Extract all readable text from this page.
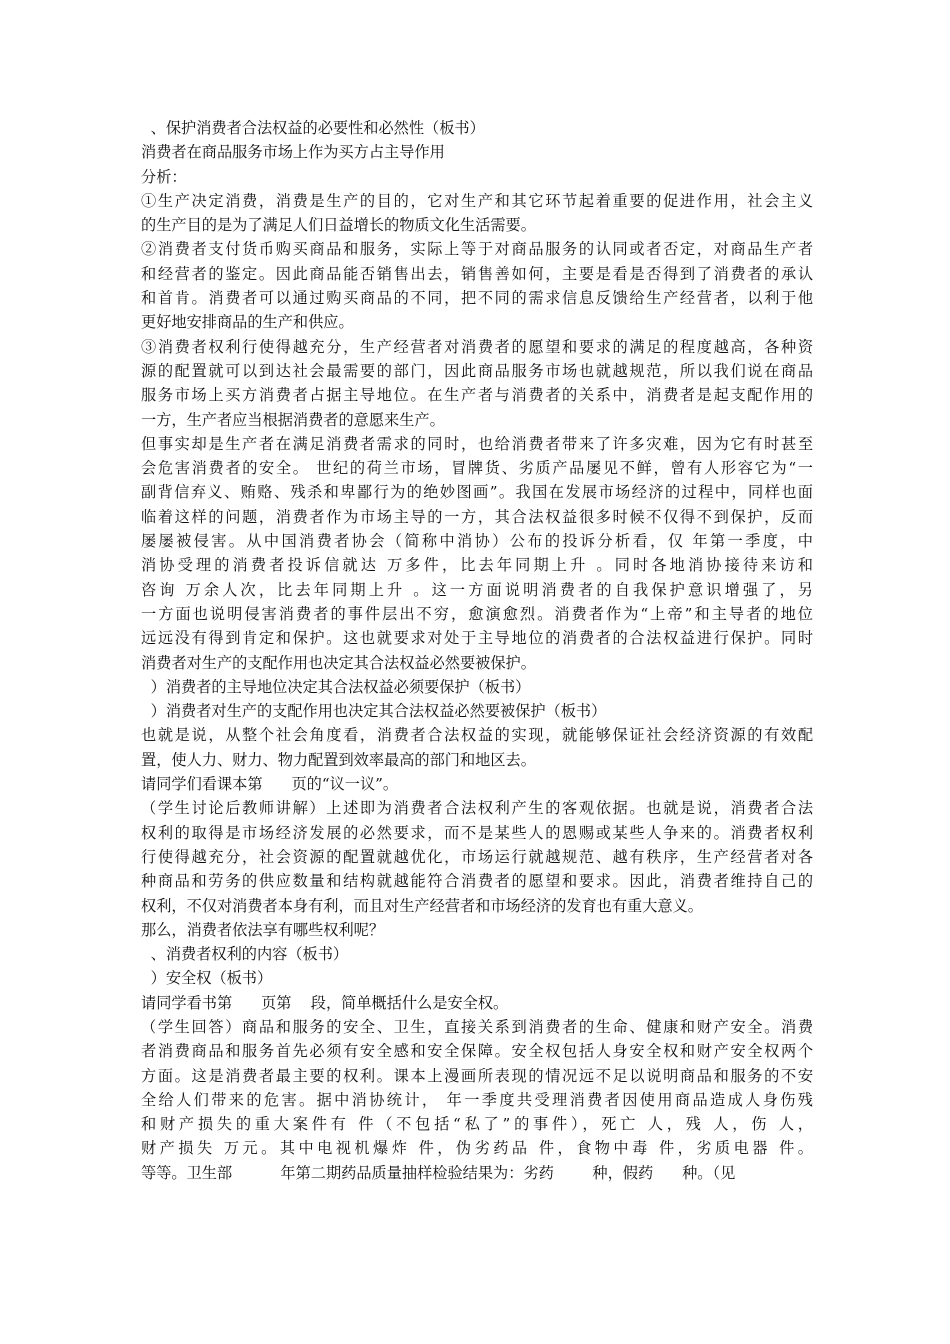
、保护消费者合法权益的必要性和必然性（板书）
消费者在商品服务市场上作为买方占主导作用
分析：
①生产决定消费，消费是生产的目的，它对生产和其它环节起着重要的促进作用，社会主义
的生产目的是为了满足人们日益增长的物质文化生活需要。
②消费者支付货币购买商品和服务，实际上等于对商品服务的认同或者否定，对商品生产者
和经营者的鉴定。因此商品能否销售出去，销售善如何，主要是看是否得到了消费者的承认
和首肯。消费者可以通过购买商品的不同，把不同的需求信息反馈给生产经营者，以利于他
更好地安排商品的生产和供应。
③消费者权利行使得越充分，生产经营者对消费者的愿望和要求的满足的程度越高，各种资
源的配置就可以到达社会最需要的部门，因此商品服务市场也就越规范，所以我们说在商品
服务市场上买方消费者占据主导地位。在生产者与消费者的关系中，消费者是起支配作用的
一方，生产者应当根据消费者的意愿来生产。
但事实却是生产者在满足消费者需求的同时，也给消费者带来了许多灾难，因为它有时甚至
会危害消费者的安全。 世纪的荷兰市场，冒牌货、劣质产品屡见不鲜，曾有人形容它为“一
副背信弃义、贿赂、残杀和卑鄙行为的绝妙图画”。我国在发展市场经济的过程中，同样也面
临着这样的问题，消费者作为市场主导的一方，其合法权益很多时候不仅得不到保护，反而
屡屡被侵害。从中国消费者协会（简称中消协）公布的投诉分析看，仅 年第一季度，中
消协受理的消费者投诉信就达 万多件，比去年同期上升 。同时各地消协接待来访和
咨询 万余人次，比去年同期上升 。这一方面说明消费者的自我保护意识增强了，另
一方面也说明侵害消费者的事件层出不穷，愈演愈烈。消费者作为“上帝”和主导者的地位
远远没有得到肯定和保护。这也就要求对处于主导地位的消费者的合法权益进行保护。同时
消费者对生产的支配作用也决定其合法权益必然要被保护。
）消费者的主导地位决定其合法权益必须要保护（板书）
）消费者对生产的支配作用也决定其合法权益必然要被保护（板书）
也就是说，从整个社会角度看，消费者合法权益的实现，就能够保证社会经济资源的有效配
置，使人力、财力、物力配置到效率最高的部门和地区去。
请同学们看课本第      页的“议一议”。
（学生讨论后教师讲解）上述即为消费者合法权利产生的客观依据。也就是说，消费者合法
权利的取得是市场经济发展的必然要求，而不是某些人的恩赐或某些人争来的。消费者权利
行使得越充分，社会资源的配置就越优化，市场运行就越规范、越有秩序，生产经营者对各
种商品和劳务的供应数量和结构就越能符合消费者的愿望和要求。因此，消费者维持自己的
权利，不仅对消费者本身有利，而且对生产经营者和市场经济的发育也有重大意义。
那么，消费者依法享有哪些权利呢？
、消费者权利的内容（板书）
）安全权（板书）
请同学看书第      页第    段，简单概括什么是安全权。
（学生回答）商品和服务的安全、卫生，直接关系到消费者的生命、健康和财产安全。消费
者消费商品和服务首先必须有安全感和安全保障。安全权包括人身安全权和财产安全权两个
方面。这是消费者最主要的权利。课本上漫画所表现的情况远不足以说明商品和服务的不安
全给人们带来的危害。据中消协统计， 年一季度共受理消费者因使用商品造成人身伤残
和财产损失的重大案件有 件（不包括“私了”的事件），死亡 人，残 人，伤 人，
财产损失 万元。其中电视机爆炸 件，伪劣药品 件，食物中毒 件，劣质电器 件。
等等。卫生部          年第二期药品质量抽样检验结果为：劣药        种，假药      种。（见
